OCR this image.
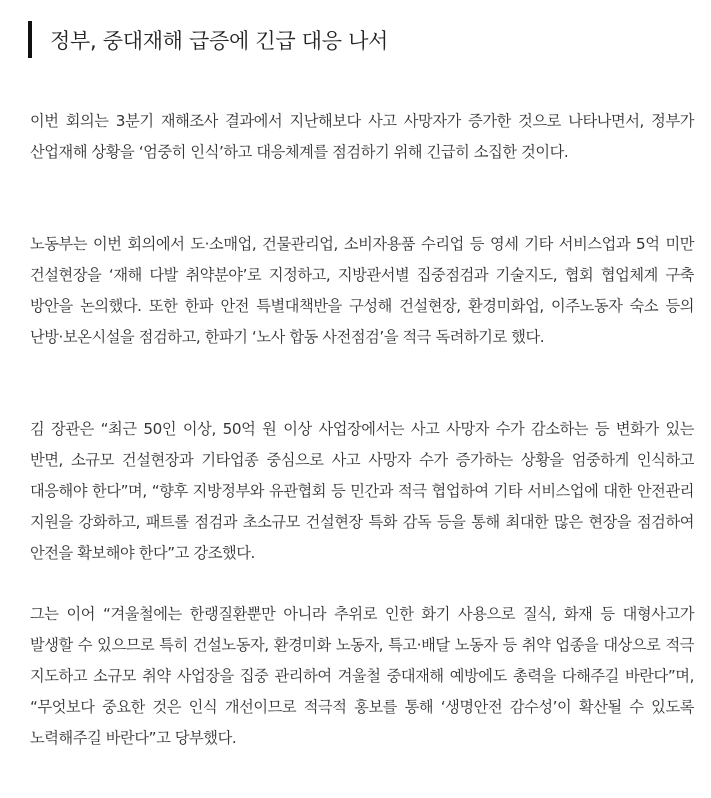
정부, 중대재해 급증에 긴급 대응 나서

이번 회의는 3분기 재해조사 결과에서 지난해보다 사고 사망자가 증가한 것으로 나타나면서, 정부가 산업재해 상황을 ‘엄중히 인식’하고 대응체계를 점검하기 위해 긴급히 소집한 것이다.

노동부는 이번 회의에서 도·소매업, 건물관리업, 소비자용품 수리업 등 영세 기타 서비스업과 5억 미만 건설현장을 ‘재해 다발 취약분야’로 지정하고, 지방관서별 집중점검과 기술지도, 협회 협업체계 구축 방안을 논의했다. 또한 한파 안전 특별대책반을 구성해 건설현장, 환경미화업, 이주노동자 숙소 등의 난방·보온시설을 점검하고, 한파기 ‘노사 합동 사전점검’을 적극 독려하기로 했다.

김 장관은 “최근 50인 이상, 50억 원 이상 사업장에서는 사고 사망자 수가 감소하는 등 변화가 있는 반면, 소규모 건설현장과 기타업종 중심으로 사고 사망자 수가 증가하는 상황을 엄중하게 인식하고 대응해야 한다”며, “향후 지방정부와 유관협회 등 민간과 적극 협업하여 기타 서비스업에 대한 안전관리 지원을 강화하고, 패트롤 점검과 초소규모 건설현장 특화 감독 등을 통해 최대한 많은 현장을 점검하여 안전을 확보해야 한다”고 강조했다.

그는 이어 “겨울철에는 한랭질환뿐만 아니라 추위로 인한 화기 사용으로 질식, 화재 등 대형사고가 발생할 수 있으므로 특히 건설노동자, 환경미화 노동자, 특고·배달 노동자 등 취약 업종을 대상으로 적극 지도하고 소규모 취약 사업장을 집중 관리하여 겨울철 중대재해 예방에도 총력을 다해주길 바란다”며, “무엇보다 중요한 것은 인식 개선이므로 적극적 홍보를 통해 ‘생명안전 감수성’이 확산될 수 있도록 노력해주길 바란다”고 당부했다.
